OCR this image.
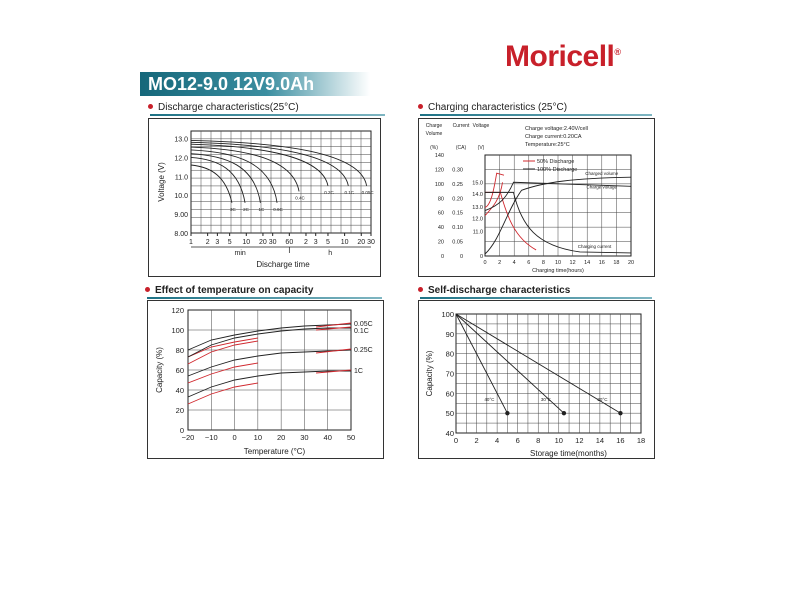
Moricell®
MO12-9.0 12V9.0Ah
Discharge characteristics(25°C)	Charging characteristics (25°C)
Effect of temperature on capacity	Self-discharge characteristics
13.0
12.0
11.0
10.0
9.00
8.00
1 2 3 5 10 20 30 60 2 3 5 10 20 30
min	h
Discharge time
Voltage (V)
3C 2C 1C 0.6C
0.4C
0.2C 0.1C 0.05C
Charge
Volume
(%)
Current
(CA)
Voltage
(V)
140
120
100
80
60
40
20
0
0.30
0.25
0.20
0.15
0.10
0.05
0
15.0
14.0
13.0
12.0
11.0
0
0 2 4 6 8 10 12 14 16 18 20
Charging time(hours)
Charge voltage:2.40V/cell
Charge current:0.20CA
Temperature:25°C
50% Discharge
100% Discharge
Charged volume
Charge voltage
Charging current
120
100
80
60
40
20
0
−20 −10 0 10 20 30 40 50
Temperature (°C)
Capacity (%)
0.05C
0.1C
0.25C
1C
100
90
80
70
60
50
40
0 2 4 6 8 10 12 14 16 18
Storage time(months)
Capacity (%)
40°C	30°C	20°C
